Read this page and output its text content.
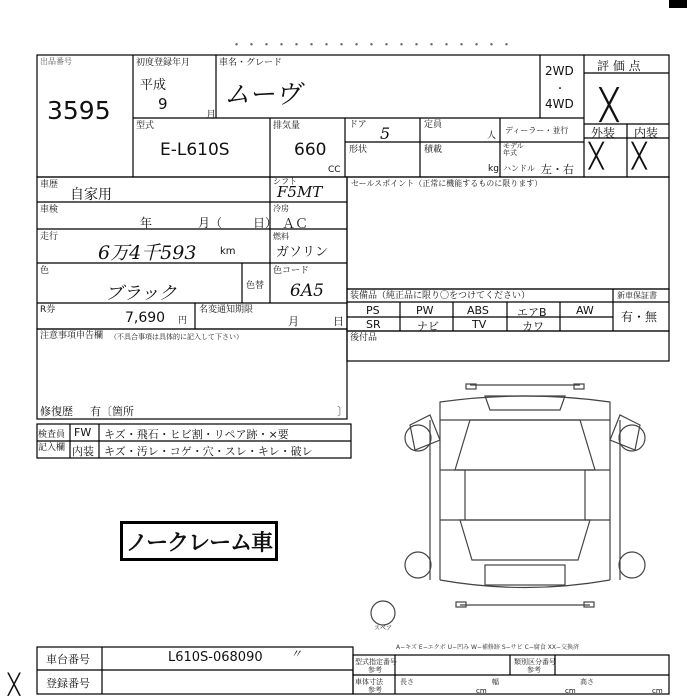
・・・・・・・・・・・・・・・・・・・
出品番号
3595
初度登録年月
平成
9
月
車名・グレード
ムーヴ
2WD
・
4WD
評 価 点
╳
外装 内装
╳ ╳
型式
E-L610S
排気量
660
CC
ドア 5	定員
人
ディーラー・並行
形状	積載
kg
モデル
年式
ハンドル 左・右
車歴
自家用
シフト
F5MT
車検
年	月（	日）
冷房
ＡＣ
走行
6万4千593 km
燃料
ガソリン
色
ブラック	色替
色コード
6A5
R券	7,690 円
名変通知期限
月	日
セールスポイント（正常に機能するものに限ります）
装備品（純正品に限り〇をつけてください）	新車保証書
有・無
PS	PW	ABS	エアB	AW
SR	ナビ	TV	カワ
後付品
注意事項申告欄 （不具合事項は具体的に記入して下さい）
修復歴 有〔箇所	〕
検査員
記入欄
FW キズ・飛石・ヒビ割・リペア跡・×要
内装 キズ・汚レ・コゲ・穴・スレ・キレ・破レ
ノークレーム車
スペア
A−キズ E−エクボ U−凹み W−補修跡 S−サビ C−腐食 XX−交換済
車台番号	L610S-068090 〃
登録番号
型式指定番号
参考
類別区分番号
参考
車体寸法
参考
長さ
cm
幅
cm
高さ
cm
╳
